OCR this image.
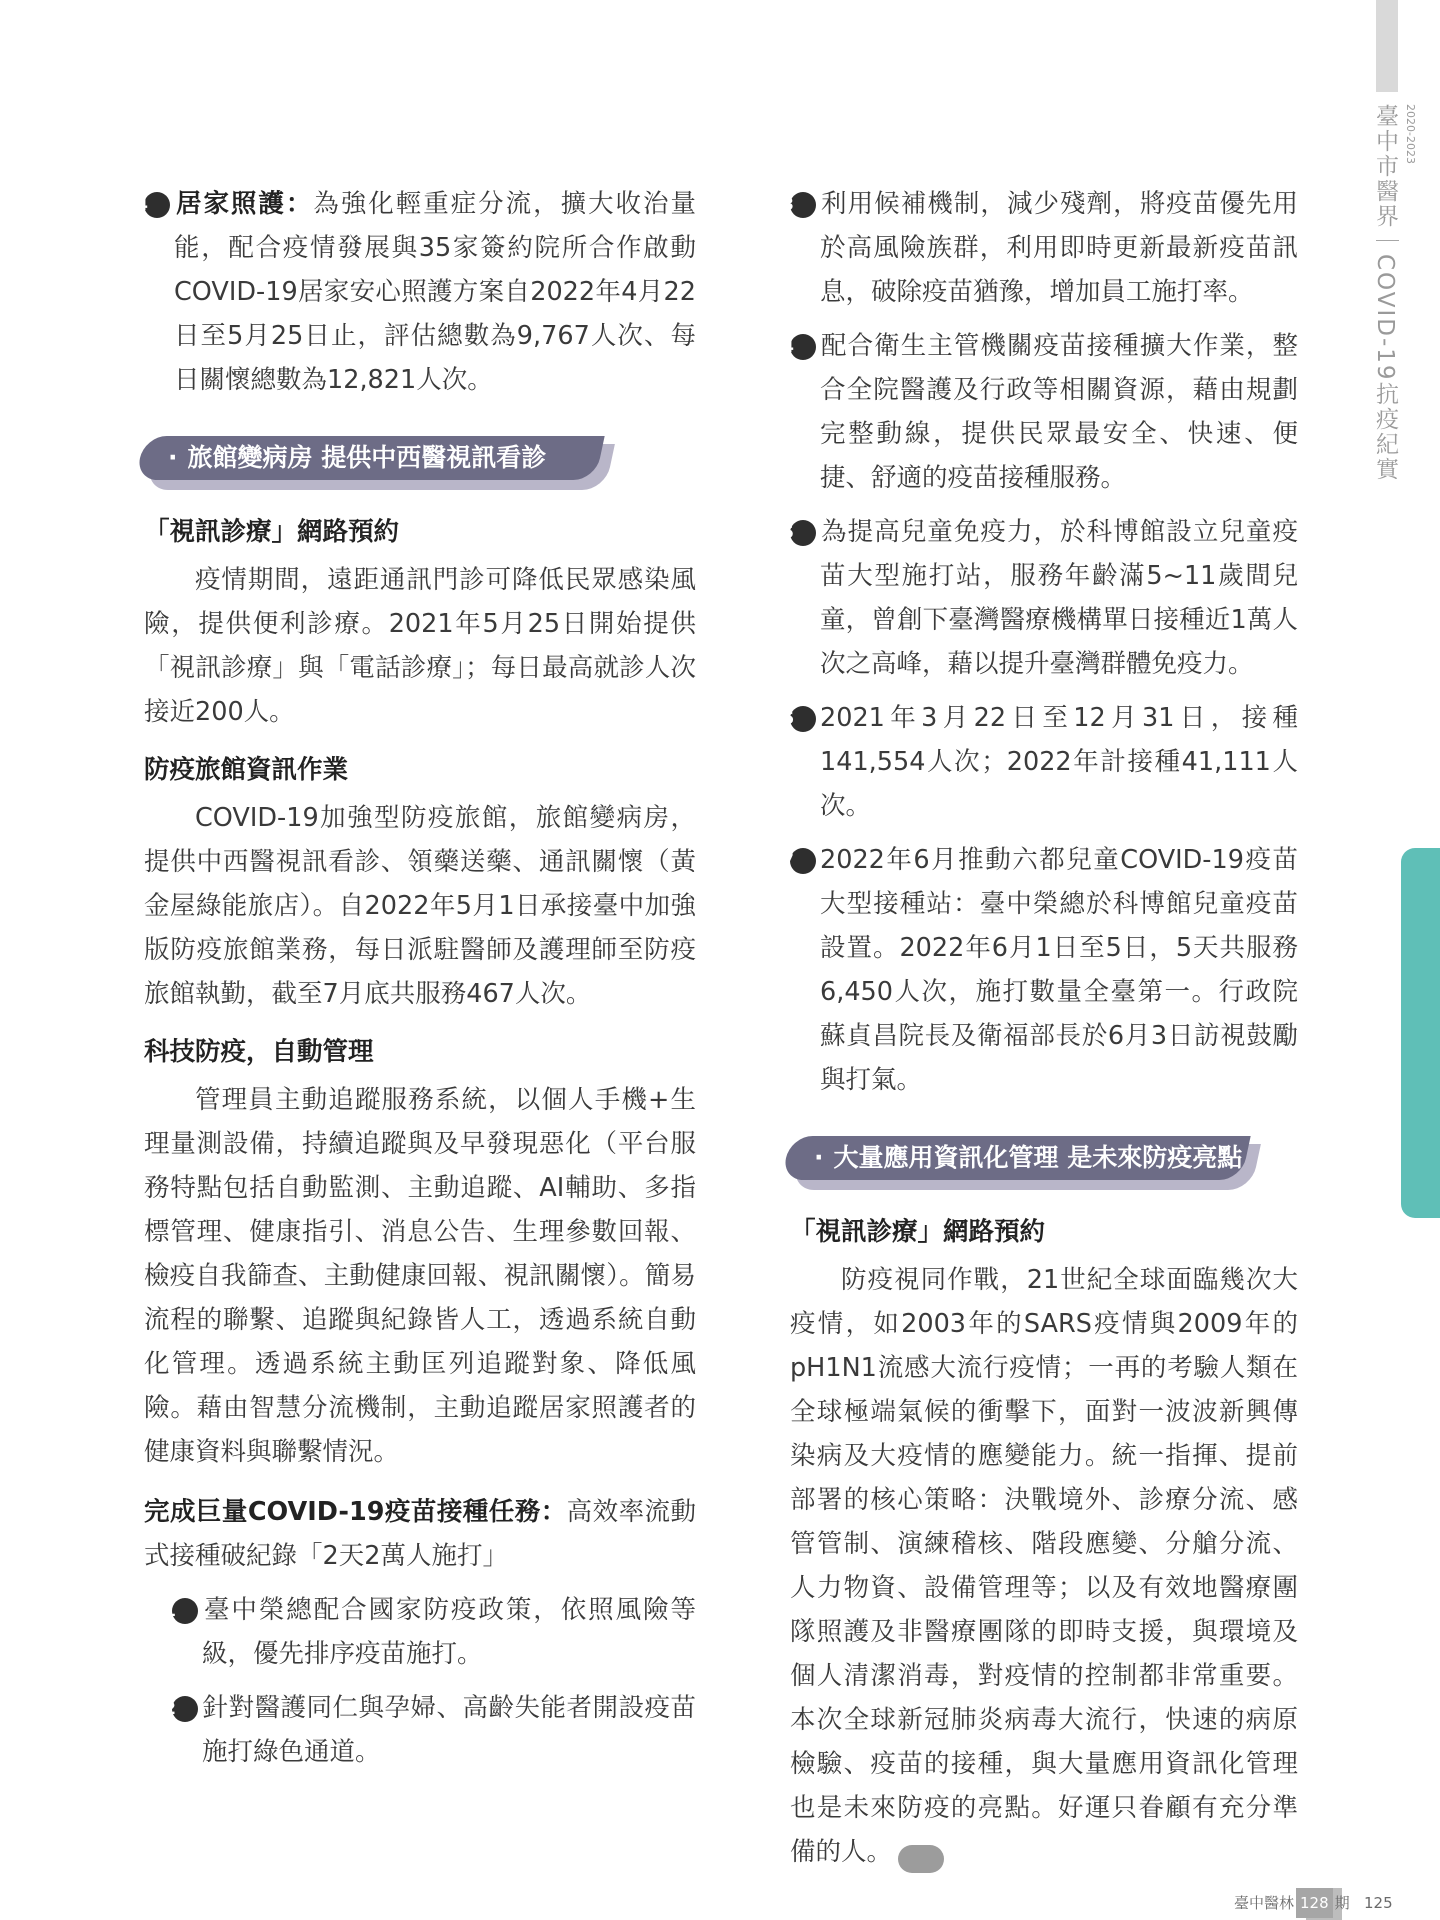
臺中市醫界｜COVID-19抗疫紀實 2020-2023

4 居家照護：為強化輕重症分流，擴大收治量能，配合疫情發展與35家簽約院所合作啟動COVID-19居家安心照護方案自2022年4月22日至5月25日止，評估總數為9,767人次、每日關懷總數為12,821人次。

· 旅館變病房 提供中西醫視訊看診
「視訊診療」網路預約

疫情期間，遠距通訊門診可降低民眾感染風險，提供便利診療。2021年5月25日開始提供「視訊診療」與「電話診療」；每日最高就診人次接近200人。

防疫旅館資訊作業

COVID-19加強型防疫旅館，旅館變病房，提供中西醫視訊看診、領藥送藥、通訊關懷（黃金屋綠能旅店）。自2022年5月1日承接臺中加強版防疫旅館業務，每日派駐醫師及護理師至防疫旅館執勤，截至7月底共服務467人次。

科技防疫，自動管理

管理員主動追蹤服務系統，以個人手機+生理量測設備，持續追蹤與及早發現惡化（平台服務特點包括自動監測、主動追蹤、AI輔助、多指標管理、健康指引、消息公告、生理參數回報、檢疫自我篩查、主動健康回報、視訊關懷）。簡易流程的聯繫、追蹤與紀錄皆人工，透過系統自動化管理。透過系統主動匡列追蹤對象、降低風險。藉由智慧分流機制，主動追蹤居家照護者的健康資料與聯繫情況。

完成巨量COVID-19疫苗接種任務：高效率流動式接種破紀錄「2天2萬人施打」

1 臺中榮總配合國家防疫政策，依照風險等級，優先排序疫苗施打。

2 針對醫護同仁與孕婦、高齡失能者開設疫苗施打綠色通道。

3 利用候補機制，減少殘劑，將疫苗優先用於高風險族群，利用即時更新最新疫苗訊息，破除疫苗猶豫，增加員工施打率。

4 配合衛生主管機關疫苗接種擴大作業，整合全院醫護及行政等相關資源，藉由規劃完整動線，提供民眾最安全、快速、便捷、舒適的疫苗接種服務。

5 為提高兒童免疫力，於科博館設立兒童疫苗大型施打站，服務年齡滿5~11歲間兒童，曾創下臺灣醫療機構單日接種近1萬人次之高峰，藉以提升臺灣群體免疫力。

6 2021年3月22日至12月31日，接種141,554人次；2022年計接種41,111人次。

7 2022年6月推動六都兒童COVID-19疫苗大型接種站：臺中榮總於科博館兒童疫苗設置。2022年6月1日至5日，5天共服務6,450人次，施打數量全臺第一。行政院蘇貞昌院長及衛福部長於6月3日訪視鼓勵與打氣。

· 大量應用資訊化管理 是未來防疫亮點
「視訊診療」網路預約

防疫視同作戰，21世紀全球面臨幾次大疫情，如2003年的SARS疫情與2009年的pH1N1流感大流行疫情；一再的考驗人類在全球極端氣候的衝擊下，面對一波波新興傳染病及大疫情的應變能力。統一指揮、提前部署的核心策略：決戰境外、診療分流、感管管制、演練稽核、階段應變、分艙分流、人力物資、設備管理等；以及有效地醫療團隊照護及非醫療團隊的即時支援，與環境及個人清潔消毒，對疫情的控制都非常重要。本次全球新冠肺炎病毒大流行，快速的病原檢驗、疫苗的接種，與大量應用資訊化管理也是未來防疫的亮點。好運只眷顧有充分準備的人。	❯❯❯

臺中醫林 128 期 125
